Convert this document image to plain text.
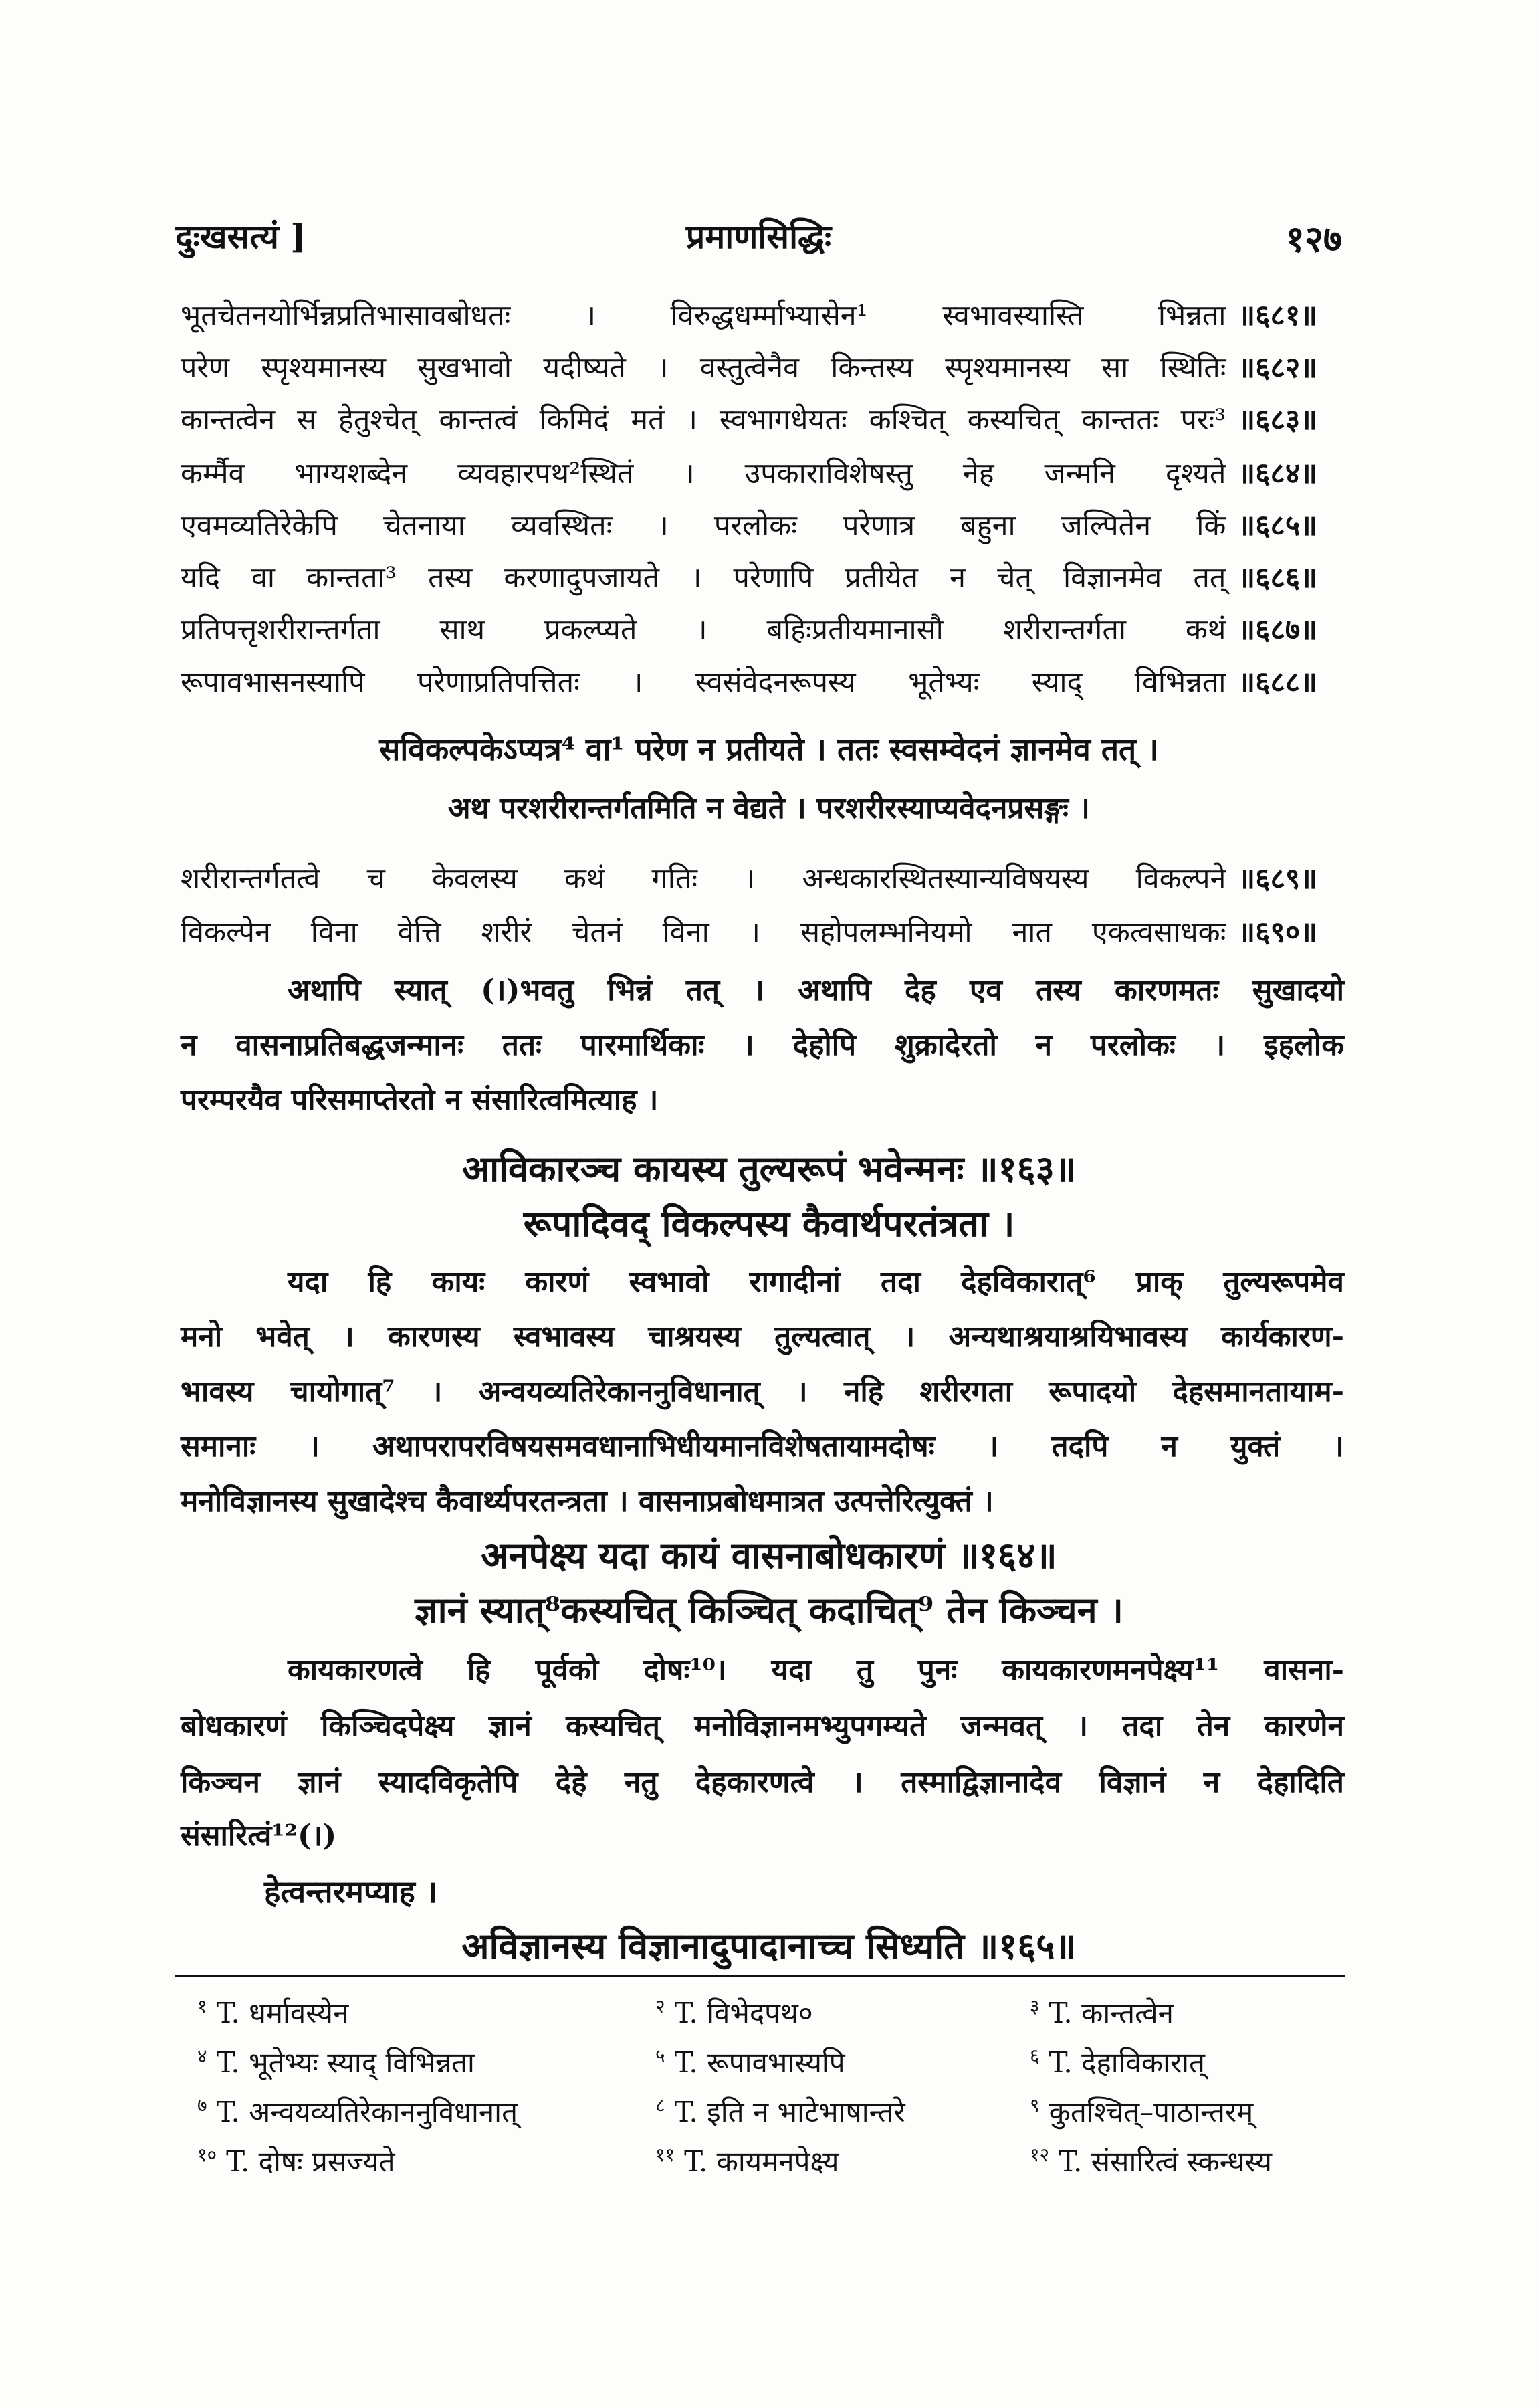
दुःखसत्यं ]	प्रमाणसिद्धिः	१२७
भूतचेतनयोर्भिन्नप्रतिभासावबोधतः । विरुद्धधर्म्माभ्यासेन¹ स्वभावस्यास्ति भिन्नता ॥६८१॥
परेण स्पृश्यमानस्य सुखभावो यदीष्यते । वस्तुत्वेनैव किन्तस्य स्पृश्यमानस्य सा स्थितिः ॥६८२॥
कान्तत्वेन स हेतुश्चेत् कान्तत्वं किमिदं मतं । स्वभागधेयतः कश्चित् कस्यचित् कान्ततः परः³ ॥६८३॥
कर्म्मैव भाग्यशब्देन व्यवहारपथ²स्थितं । उपकाराविशेषस्तु नेह जन्मनि दृश्यते ॥६८४॥
एवमव्यतिरेकेपि चेतनाया व्यवस्थितः । परलोकः परेणात्र बहुना जल्पितेन किं ॥६८५॥
यदि वा कान्तता³ तस्य करणादुपजायते । परेणापि प्रतीयेत न चेत् विज्ञानमेव तत् ॥६८६॥
प्रतिपत्तृशरीरान्तर्गता साथ प्रकल्प्यते । बहिःप्रतीयमानासौ शरीरान्तर्गता कथं ॥६८७॥
रूपावभासनस्यापि परेणाप्रतिपत्तितः । स्वसंवेदनरूपस्य भूतेभ्यः स्याद् विभिन्नता ॥६८८॥
सविकल्पकेऽप्यत्र⁴ वा¹ परेण न प्रतीयते । ततः स्वसम्वेदनं ज्ञानमेव तत् ।
अथ परशरीरान्तर्गतमिति न वेद्यते । परशरीरस्याप्यवेदनप्रसङ्गः ।
शरीरान्तर्गतत्वे च केवलस्य कथं गतिः । अन्धकारस्थितस्यान्यविषयस्य विकल्पने ॥६८९॥
विकल्पेन विना वेत्ति शरीरं चेतनं विना । सहोपलम्भनियमो नात एकत्वसाधकः ॥६९०॥
अथापि स्यात् (।)भवतु भिन्नं तत् । अथापि देह एव तस्य कारणमतः सुखादयो
न वासनाप्रतिबद्धजन्मानः ततः पारमार्थिकाः । देहोपि शुक्रादेरतो न परलोकः । इहलोक
परम्परयैव परिसमाप्तेरतो न संसारित्वमित्याह ।
आविकारञ्च कायस्य तुल्यरूपं भवेन्मनः ॥१६३॥
रूपादिवद् विकल्पस्य कैवार्थपरतंत्रता ।
यदा हि कायः कारणं स्वभावो रागादीनां तदा देहविकारात्⁶ प्राक् तुल्यरूपमेव
मनो भवेत् । कारणस्य स्वभावस्य चाश्रयस्य तुल्यत्वात् । अन्यथाश्रयाश्रयिभावस्य कार्यकारण-
भावस्य चायोगात्⁷ । अन्वयव्यतिरेकाननुविधानात् । नहि शरीरगता रूपादयो देहसमानतायाम-
समानाः । अथापरापरविषयसमवधानाभिधीयमानविशेषतायामदोषः । तदपि न युक्तं ।
मनोविज्ञानस्य सुखादेश्च कैवार्थ्यपरतन्त्रता । वासनाप्रबोधमात्रत उत्पत्तेरित्युक्तं ।
अनपेक्ष्य यदा कायं वासनाबोधकारणं ॥१६४॥
ज्ञानं स्यात्⁸कस्यचित् किञ्चित् कदाचित्⁹ तेन किञ्चन ।
कायकारणत्वे हि पूर्वको दोषः¹⁰। यदा तु पुनः कायकारणमनपेक्ष्य¹¹ वासना-
बोधकारणं किञ्चिदपेक्ष्य ज्ञानं कस्यचित् मनोविज्ञानमभ्युपगम्यते जन्मवत् । तदा तेन कारणेन
किञ्चन ज्ञानं स्यादविकृतेपि देहे नतु देहकारणत्वे । तस्माद्विज्ञानादेव विज्ञानं न देहादिति
संसारित्वं¹²(।)
हेत्वन्तरमप्याह ।
अविज्ञानस्य विज्ञानादुपादानाच्च सिध्यति ॥१६५॥
$^१$ T. धर्मावस्येन	$^२$ T. विभेदपथ०	$^३$ T. कान्तत्वेन
$^४$ T. भूतेभ्यः स्याद् विभिन्नता	$^५$ T. रूपावभास्यपि	$^६$ T. देहाविकारात्
$^७$ T. अन्वयव्यतिरेकाननुविधानात्	$^८$ T. इति न भाटेभाषान्तरे	$^९$ कुतश्चित्–पाठान्तरम्
$^{१०}$ T. दोषः प्रसज्यते	$^{११}$ T. कायमनपेक्ष्य	$^{१२}$ T. संसारित्वं स्कन्धस्य
